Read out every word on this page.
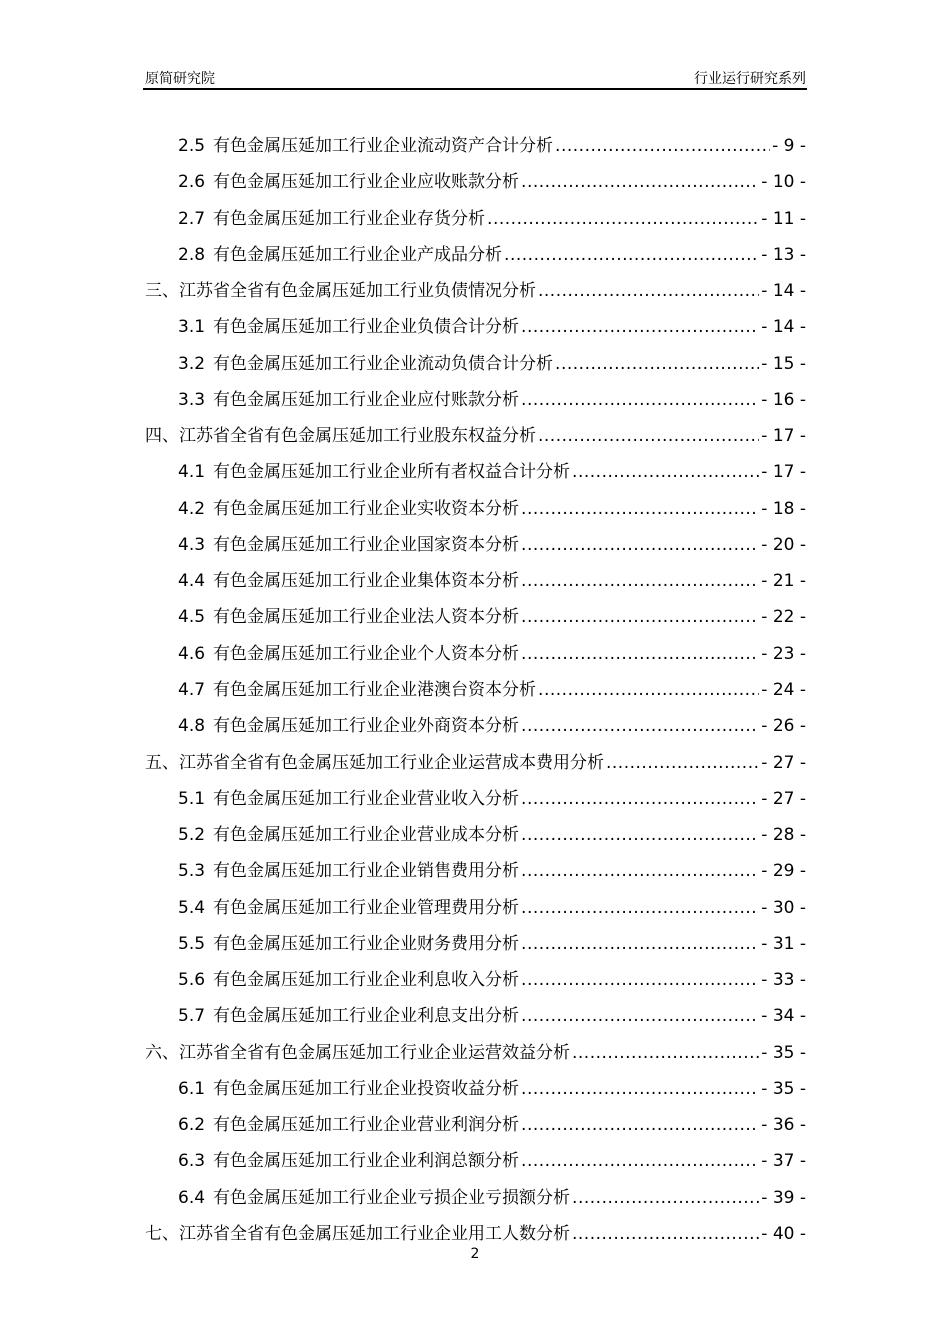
原简研究院	行业运行研究系列
2.5 有色金属压延加工行业企业流动资产合计分析 .....	- 9 -
2.6 有色金属压延加工行业企业应收账款分析 .....	- 10 -
2.7 有色金属压延加工行业企业存货分析 .....	- 11 -
2.8 有色金属压延加工行业企业产成品分析 .....	- 13 -
三、江苏省全省有色金属压延加工行业负债情况分析 .....	- 14 -
3.1 有色金属压延加工行业企业负债合计分析 .....	- 14 -
3.2 有色金属压延加工行业企业流动负债合计分析 .....	- 15 -
3.3 有色金属压延加工行业企业应付账款分析 .....	- 16 -
四、江苏省全省有色金属压延加工行业股东权益分析 .....	- 17 -
4.1 有色金属压延加工行业企业所有者权益合计分析 .....	- 17 -
4.2 有色金属压延加工行业企业实收资本分析 .....	- 18 -
4.3 有色金属压延加工行业企业国家资本分析 .....	- 20 -
4.4 有色金属压延加工行业企业集体资本分析 .....	- 21 -
4.5 有色金属压延加工行业企业法人资本分析 .....	- 22 -
4.6 有色金属压延加工行业企业个人资本分析 .....	- 23 -
4.7 有色金属压延加工行业企业港澳台资本分析 .....	- 24 -
4.8 有色金属压延加工行业企业外商资本分析 .....	- 26 -
五、江苏省全省有色金属压延加工行业企业运营成本费用分析 .....	- 27 -
5.1 有色金属压延加工行业企业营业收入分析 .....	- 27 -
5.2 有色金属压延加工行业企业营业成本分析 .....	- 28 -
5.3 有色金属压延加工行业企业销售费用分析 .....	- 29 -
5.4 有色金属压延加工行业企业管理费用分析 .....	- 30 -
5.5 有色金属压延加工行业企业财务费用分析 .....	- 31 -
5.6 有色金属压延加工行业企业利息收入分析 .....	- 33 -
5.7 有色金属压延加工行业企业利息支出分析 .....	- 34 -
六、江苏省全省有色金属压延加工行业企业运营效益分析 .....	- 35 -
6.1 有色金属压延加工行业企业投资收益分析 .....	- 35 -
6.2 有色金属压延加工行业企业营业利润分析 .....	- 36 -
6.3 有色金属压延加工行业企业利润总额分析 .....	- 37 -
6.4 有色金属压延加工行业企业亏损企业亏损额分析 .....	- 39 -
七、江苏省全省有色金属压延加工行业企业用工人数分析 .....	- 40 -
2
